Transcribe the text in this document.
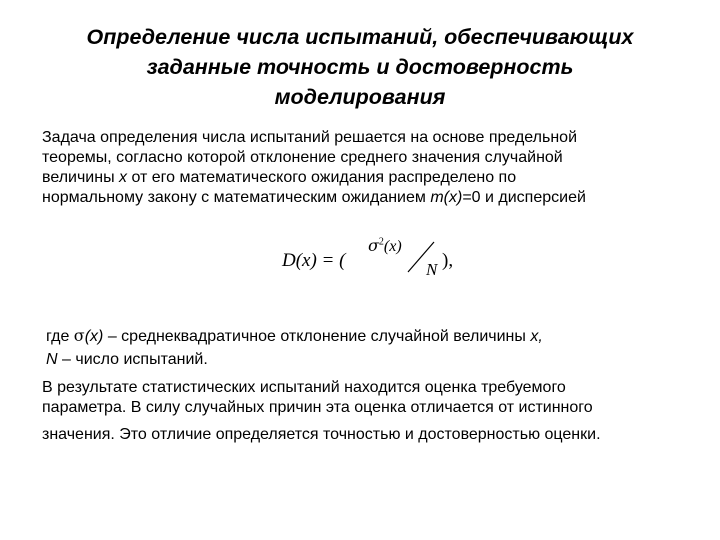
Определение числа испытаний, обеспечивающих
заданные точность и достоверность
моделирования
Задача определения числа испытаний решается на основе предельной
теоремы, согласно которой отклонение среднего значения случайной
величины x от его математического ожидания распределено по
нормальному закону с математическим ожиданием m(x)=0 и дисперсией
D(x) = (
$\sigma^2(x)$
N ),
где σ(x) – среднеквадратичное отклонение случайной величины x,
N – число испытаний.
В результате статистических испытаний находится оценка требуемого
параметра. В силу случайных причин эта оценка отличается от истинного
значения. Это отличие определяется точностью и достоверностью оценки.
